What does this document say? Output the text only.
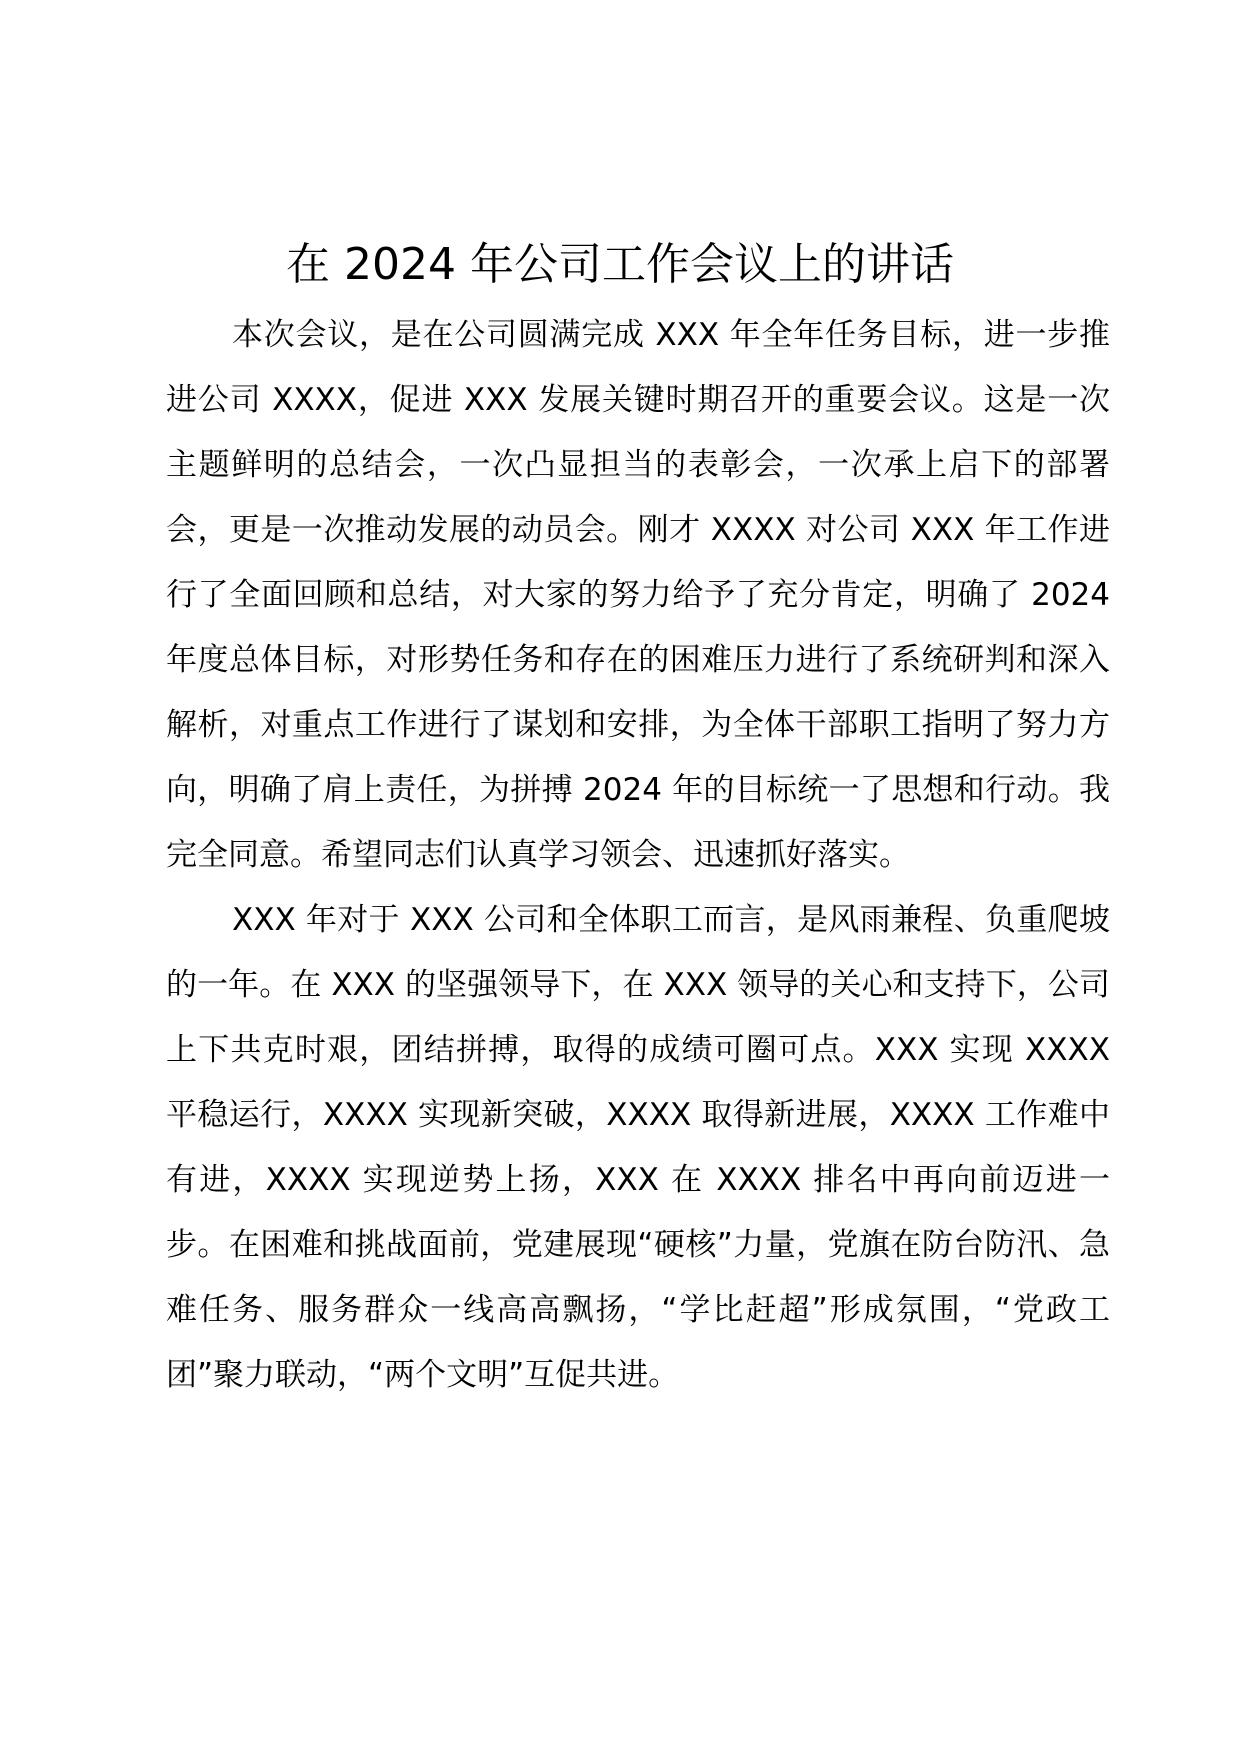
在 2024 年公司工作会议上的讲话

本次会议，是在公司圆满完成 XXX 年全年任务目标，进一步推进公司 XXXX，促进 XXX 发展关键时期召开的重要会议。这是一次主题鲜明的总结会，一次凸显担当的表彰会，一次承上启下的部署会，更是一次推动发展的动员会。刚才 XXXX 对公司 XXX 年工作进行了全面回顾和总结，对大家的努力给予了充分肯定，明确了 2024 年度总体目标，对形势任务和存在的困难压力进行了系统研判和深入解析，对重点工作进行了谋划和安排，为全体干部职工指明了努力方向，明确了肩上责任，为拼搏 2024 年的目标统一了思想和行动。我完全同意。希望同志们认真学习领会、迅速抓好落实。

XXX 年对于 XXX 公司和全体职工而言，是风雨兼程、负重爬坡的一年。在 XXX 的坚强领导下，在 XXX 领导的关心和支持下，公司上下共克时艰，团结拼搏，取得的成绩可圈可点。XXX 实现 XXXX 平稳运行，XXXX 实现新突破，XXXX 取得新进展，XXXX 工作难中有进，XXXX 实现逆势上扬，XXX 在 XXXX 排名中再向前迈进一步。在困难和挑战面前，党建展现“硬核”力量，党旗在防台防汛、急难任务、服务群众一线高高飘扬，“学比赶超”形成氛围，“党政工团”聚力联动，“两个文明”互促共进。
